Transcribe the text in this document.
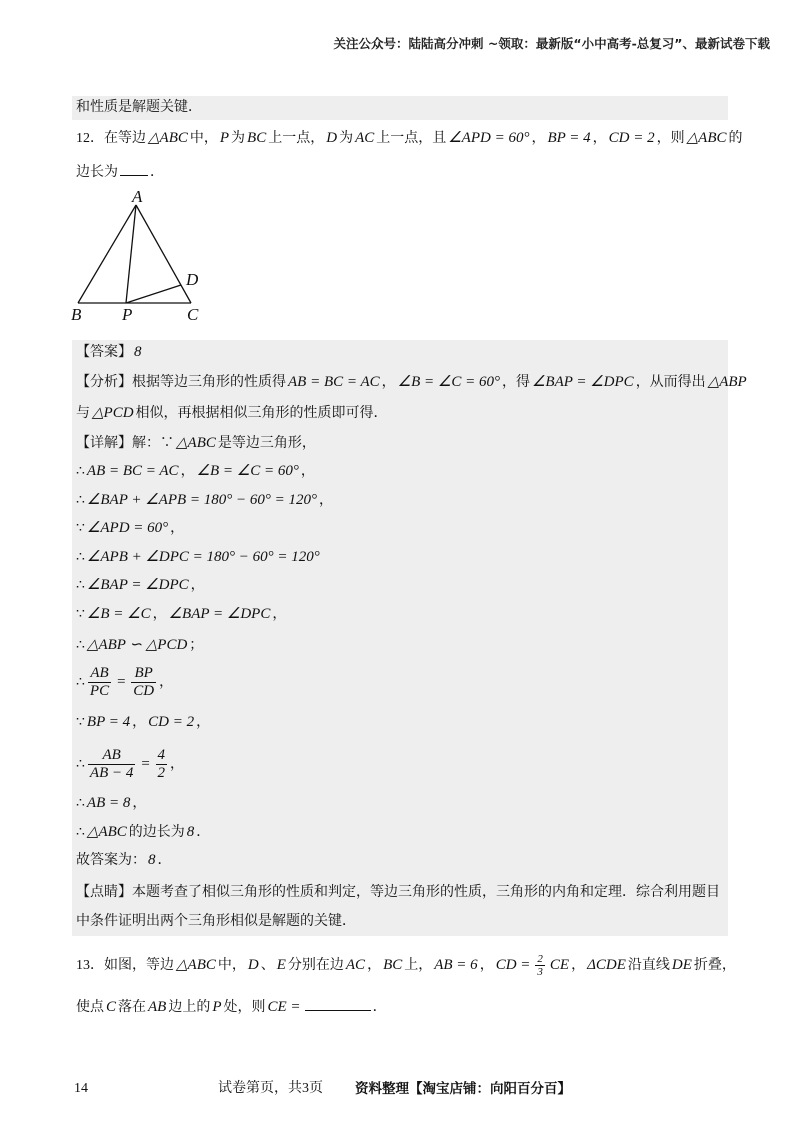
关注公众号：陆陆高分冲刺 ~领取：最新版“小中高考-总复习”、最新试卷下载
和性质是解题关键．
12．在等边 △ABC 中， P 为 BC 上一点， D 为 AC 上一点，且 ∠APD = 60° ， BP = 4 ， CD = 2 ，则 △ABC 的
边长为 ．
A
B P	C
D
【答案】 8
【分析】根据等边三角形的性质得 AB = BC = AC ， ∠B = ∠C = 60° ，得 ∠BAP = ∠DPC ，从而得出 △ABP
与 △PCD 相似，再根据相似三角形的性质即可得．
【详解】解：∵ △ABC 是等边三角形，
∴ AB = BC = AC ， ∠B = ∠C = 60° ，
∴ ∠BAP + ∠APB = 180° − 60° = 120° ，
∵ ∠APD = 60° ，
∴ ∠APB + ∠DPC = 180° − 60° = 120°
∴ ∠BAP = ∠DPC ，
∵ ∠B = ∠C ， ∠BAP = ∠DPC ，
∴ △ABP ∽ △PCD ；
∴ $\frac{AB}{PC} = \frac{BP}{CD}$ ，
∵ BP = 4 ， CD = 2 ，
∴ $\frac{AB}{AB - 4} = \frac{4}{2}$ ，
∴ AB = 8 ，
∴ △ABC 的边长为 8 ．
故答案为： 8 ．
【点睛】本题考查了相似三角形的性质和判定，等边三角形的性质，三角形的内角和定理．综合利用题目
中条件证明出两个三角形相似是解题的关键．
13．如图，等边 △ABC 中， D 、 E 分别在边 AC ， BC 上， AB = 6 ， CD = $\frac{2}{3}$ CE ， ΔCDE 沿直线 DE 折叠，
使点 C 落在 AB 边上的 P 处，则 CE =	．
14	试卷第页，共3页 资料整理【淘宝店铺：向阳百分百】
